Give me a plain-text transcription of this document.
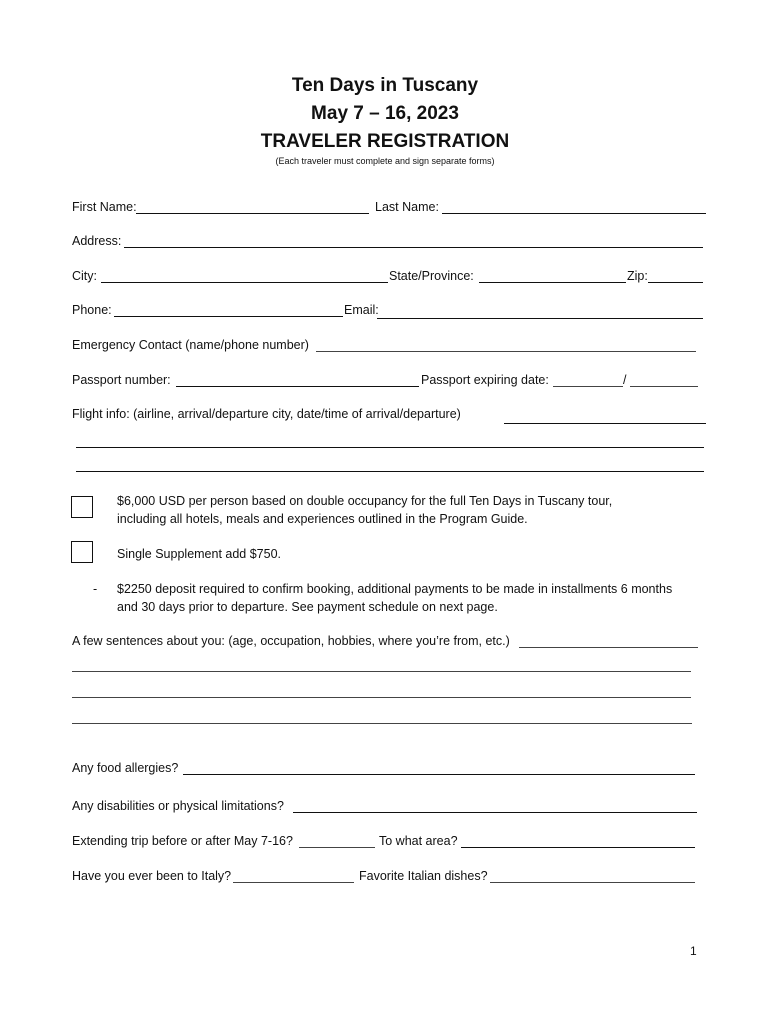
Ten Days in Tuscany
May 7 – 16, 2023
TRAVELER REGISTRATION
(Each traveler must complete and sign separate forms)
First Name:	Last Name:
Address:
City:	State/Province:	Zip:
Phone:	Email:
Emergency Contact (name/phone number)
Passport number:	Passport expiring date:	/
Flight info: (airline, arrival/departure city, date/time of arrival/departure)
$6,000 USD per person based on double occupancy for the full Ten Days in Tuscany tour,
including all hotels, meals and experiences outlined in the Program Guide.
Single Supplement add $750.
- $2250 deposit required to confirm booking, additional payments to be made in installments 6 months
and 30 days prior to departure. See payment schedule on next page.
A few sentences about you: (age, occupation, hobbies, where you’re from, etc.)
Any food allergies?
Any disabilities or physical limitations?
Extending trip before or after May 7-16?	To what area?
Have you ever been to Italy?	Favorite Italian dishes?
1
